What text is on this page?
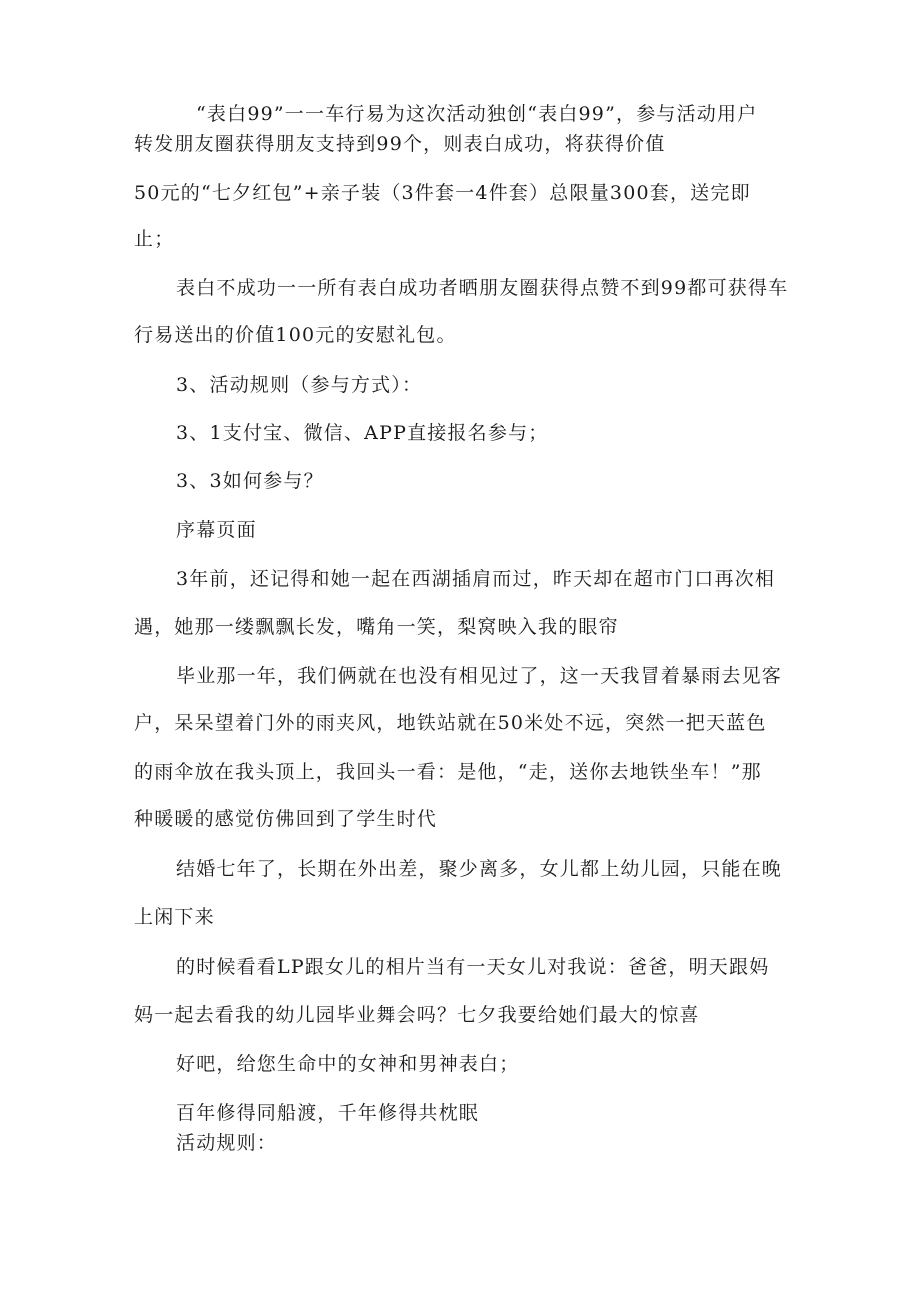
“表白99”一一车行易为这次活动独创“表白99”，参与活动用户
转发朋友圈获得朋友支持到99个，则表白成功，将获得价值
50元的“七夕红包”+亲子装（3件套一4件套）总限量300套，送完即
止；
表白不成功一一所有表白成功者晒朋友圈获得点赞不到99都可获得车
行易送出的价值100元的安慰礼包。
3、活动规则（参与方式）：
3、1支付宝、微信、APP直接报名参与；
3、3如何参与？
序幕页面
3年前，还记得和她一起在西湖插肩而过，昨天却在超市门口再次相
遇，她那一缕飘飘长发，嘴角一笑，梨窝映入我的眼帘
毕业那一年，我们俩就在也没有相见过了，这一天我冒着暴雨去见客
户，呆呆望着门外的雨夹风，地铁站就在50米处不远，突然一把天蓝色
的雨伞放在我头顶上，我回头一看：是他，“走，送你去地铁坐车！”那
种暖暖的感觉仿佛回到了学生时代
结婚七年了，长期在外出差，聚少离多，女儿都上幼儿园，只能在晚
上闲下来
的时候看看LP跟女儿的相片当有一天女儿对我说：爸爸，明天跟妈
妈一起去看我的幼儿园毕业舞会吗？七夕我要给她们最大的惊喜
好吧，给您生命中的女神和男神表白；
百年修得同船渡，千年修得共枕眠
活动规则：
